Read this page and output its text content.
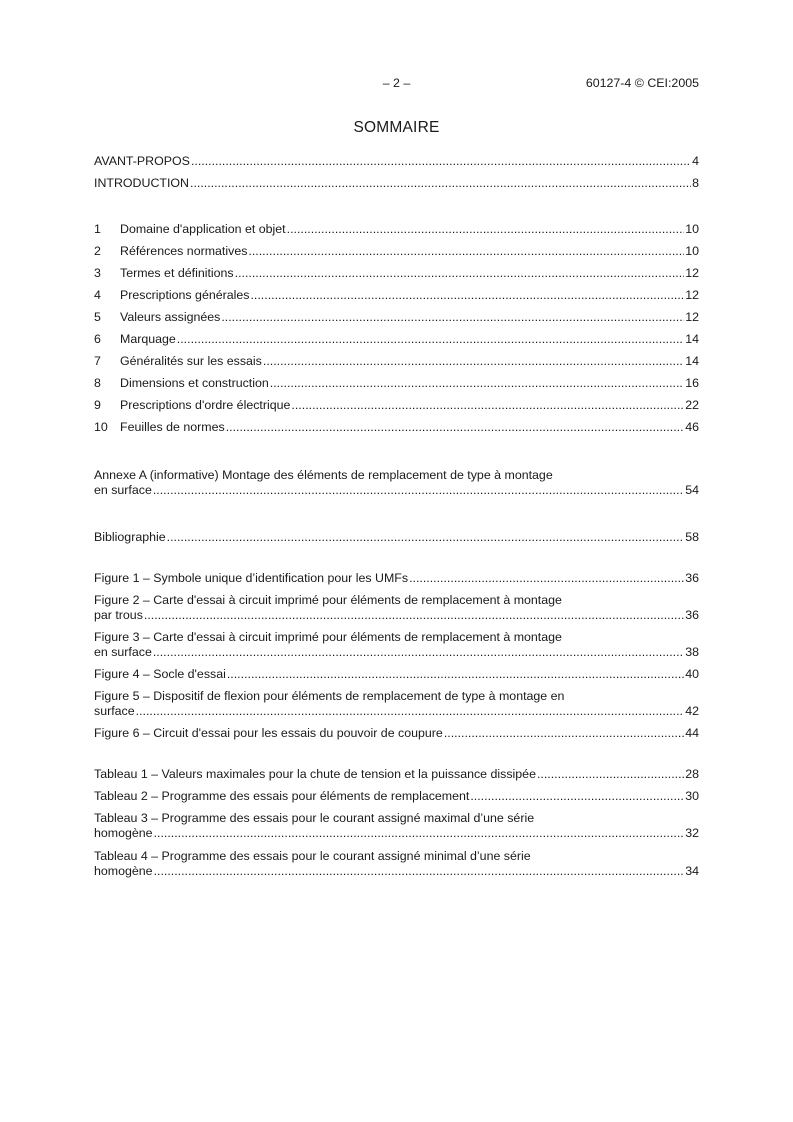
– 2 –	60127-4 © CEI:2005
SOMMAIRE
AVANT-PROPOS .....	4
INTRODUCTION .....	8
1	Domaine d'application et objet .....	10
2	Références normatives .....	10
3	Termes et définitions .....	12
4	Prescriptions générales .....	12
5	Valeurs assignées .....	12
6	Marquage .....	14
7	Généralités sur les essais .....	14
8	Dimensions et construction .....	16
9	Prescriptions d'ordre électrique .....	22
10 Feuilles de normes .....	46
Annexe A (informative) Montage des éléments de remplacement de type à montage
en surface .....	54
Bibliographie .....	58
Figure 1 – Symbole unique d’identification pour les UMFs .....	36
Figure 2 – Carte d'essai à circuit imprimé pour éléments de remplacement à montage
par trous .....	36
Figure 3 – Carte d'essai à circuit imprimé pour éléments de remplacement à montage
en surface .....	38
Figure 4 – Socle d'essai .....	40
Figure 5 – Dispositif de flexion pour éléments de remplacement de type à montage en
surface .....	42
Figure 6 – Circuit d'essai pour les essais du pouvoir de coupure .....	44
Tableau 1 – Valeurs maximales pour la chute de tension et la puissance dissipée .....	28
Tableau 2 – Programme des essais pour éléments de remplacement .....	30
Tableau 3 – Programme des essais pour le courant assigné maximal d’une série
homogène .....	32
Tableau 4 – Programme des essais pour le courant assigné minimal d’une série
homogène .....	34
